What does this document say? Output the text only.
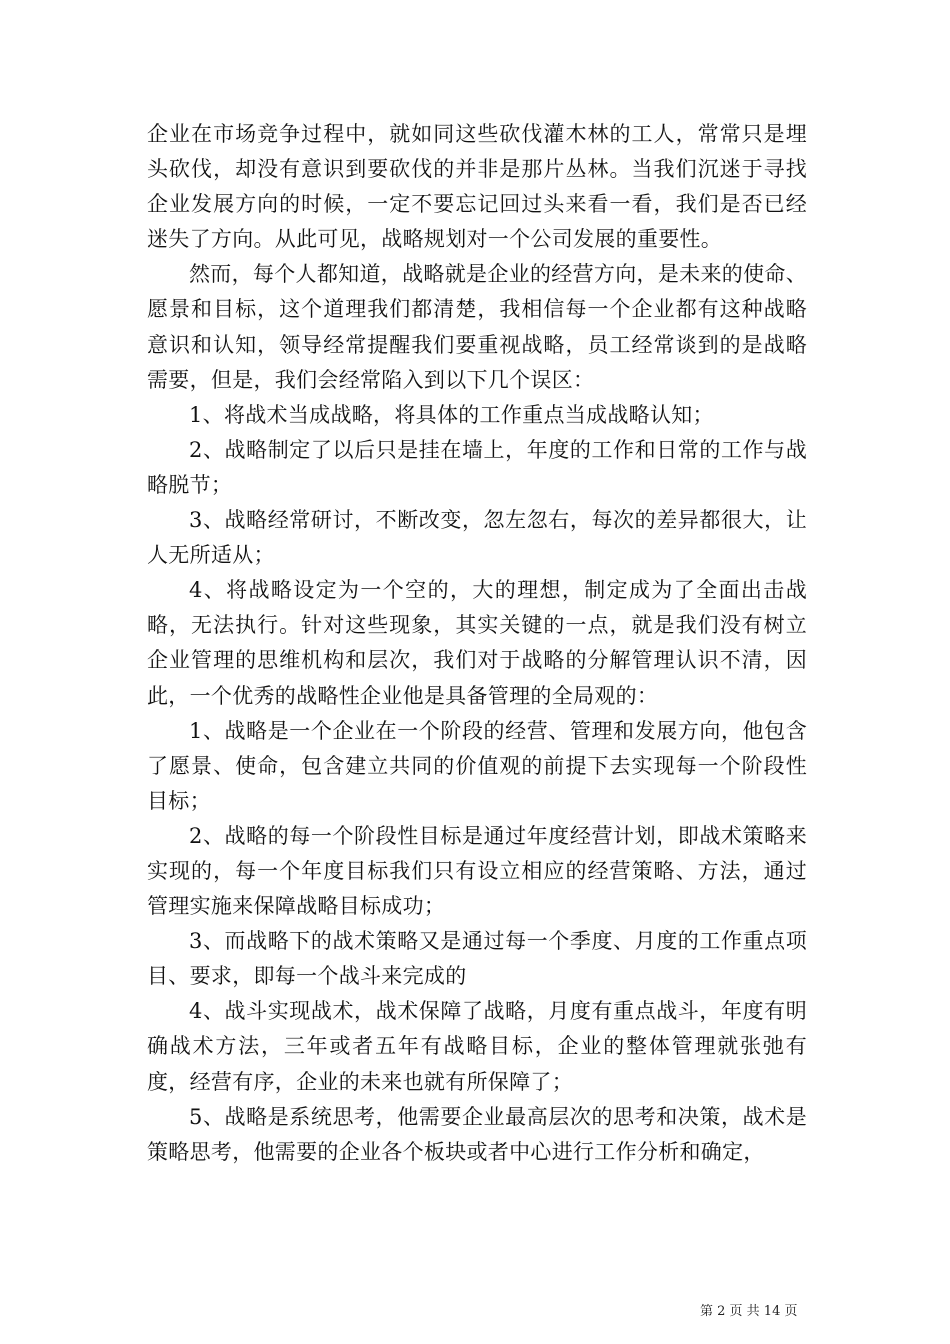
企业在市场竞争过程中，就如同这些砍伐灌木林的工人，常常只是埋头砍伐，却没有意识到要砍伐的并非是那片丛林。当我们沉迷于寻找企业发展方向的时候，一定不要忘记回过头来看一看，我们是否已经迷失了方向。从此可见，战略规划对一个公司发展的重要性。

然而，每个人都知道，战略就是企业的经营方向，是未来的使命、愿景和目标，这个道理我们都清楚，我相信每一个企业都有这种战略意识和认知，领导经常提醒我们要重视战略，员工经常谈到的是战略需要，但是，我们会经常陷入到以下几个误区：

1、将战术当成战略，将具体的工作重点当成战略认知；

2、战略制定了以后只是挂在墙上，年度的工作和日常的工作与战略脱节；

3、战略经常研讨，不断改变，忽左忽右，每次的差异都很大，让人无所适从；

4、将战略设定为一个空的，大的理想，制定成为了全面出击战略，无法执行。针对这些现象，其实关键的一点，就是我们没有树立企业管理的思维机构和层次，我们对于战略的分解管理认识不清，因此，一个优秀的战略性企业他是具备管理的全局观的：

1、战略是一个企业在一个阶段的经营、管理和发展方向，他包含了愿景、使命，包含建立共同的价值观的前提下去实现每一个阶段性目标；

2、战略的每一个阶段性目标是通过年度经营计划，即战术策略来实现的，每一个年度目标我们只有设立相应的经营策略、方法，通过管理实施来保障战略目标成功；

3、而战略下的战术策略又是通过每一个季度、月度的工作重点项目、要求，即每一个战斗来完成的

4、战斗实现战术，战术保障了战略，月度有重点战斗，年度有明确战术方法，三年或者五年有战略目标，企业的整体管理就张弛有度，经营有序，企业的未来也就有所保障了；

5、战略是系统思考，他需要企业最高层次的思考和决策，战术是策略思考，他需要的企业各个板块或者中心进行工作分析和确定，

第 2 页 共 14 页
